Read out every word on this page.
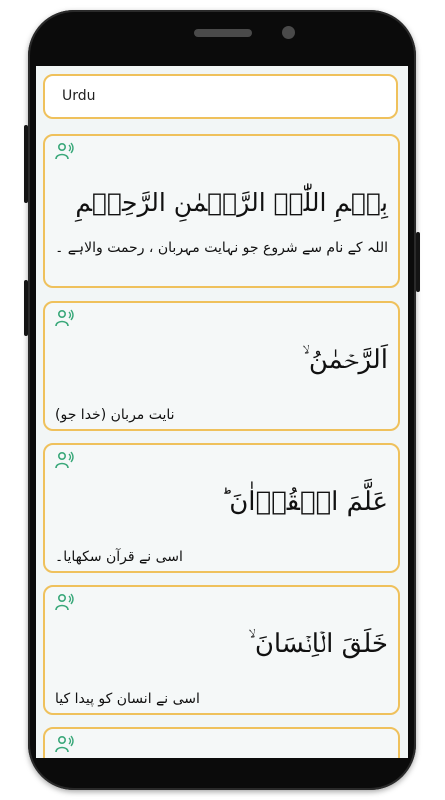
Urdu
بِسۡمِ اللّٰہِ الرَّحۡمٰنِ الرَّحِیۡمِ
اللہ کے نام سے شروع جو نہایت مہربان ، رحمت والاہے ۔
اَلرَّحۡمٰنُ ۙ
(خدا جو) نایت مربان
عَلَّمَ الۡقُرۡاٰنَ ؕ
اسی نے قرآن سکھایا۔
خَلَقَ الۡاِنۡسَانَ ۙ
اسی نے انسان کو پیدا کیا
